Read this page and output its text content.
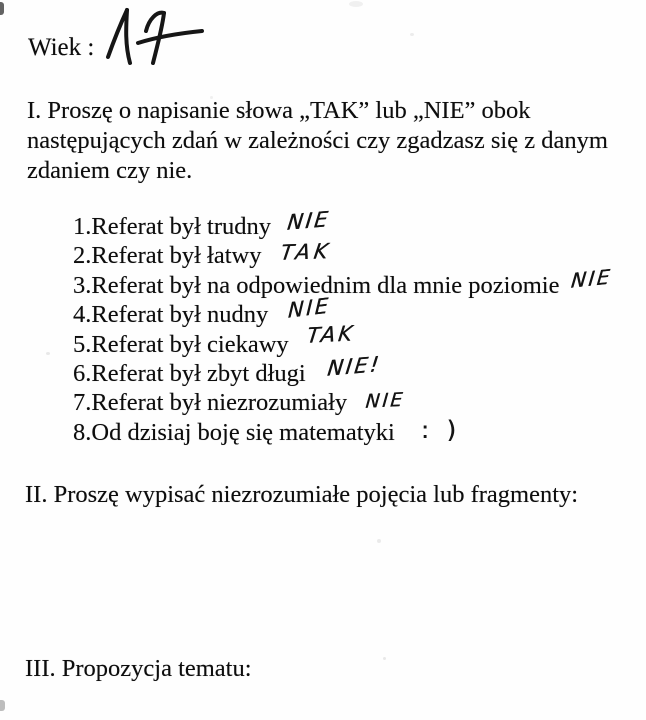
Wiek :
I. Proszę o napisanie słowa „TAK” lub „NIE” obok następujących zdań w zależności czy zgadzasz się z danym zdaniem czy nie.
1.Referat był trudny NIE
2.Referat był łatwy TAK
3.Referat był na odpowiednim dla mnie poziomie NIE
4.Referat był nudny NIE
5.Referat był ciekawy TAK
6.Referat był zbyt długi NIE!
7.Referat był niezrozumiały NIE
8.Od dzisiaj boję się matematyki : )
II. Proszę wypisać niezrozumiałe pojęcia lub fragmenty:
III. Propozycja tematu:
